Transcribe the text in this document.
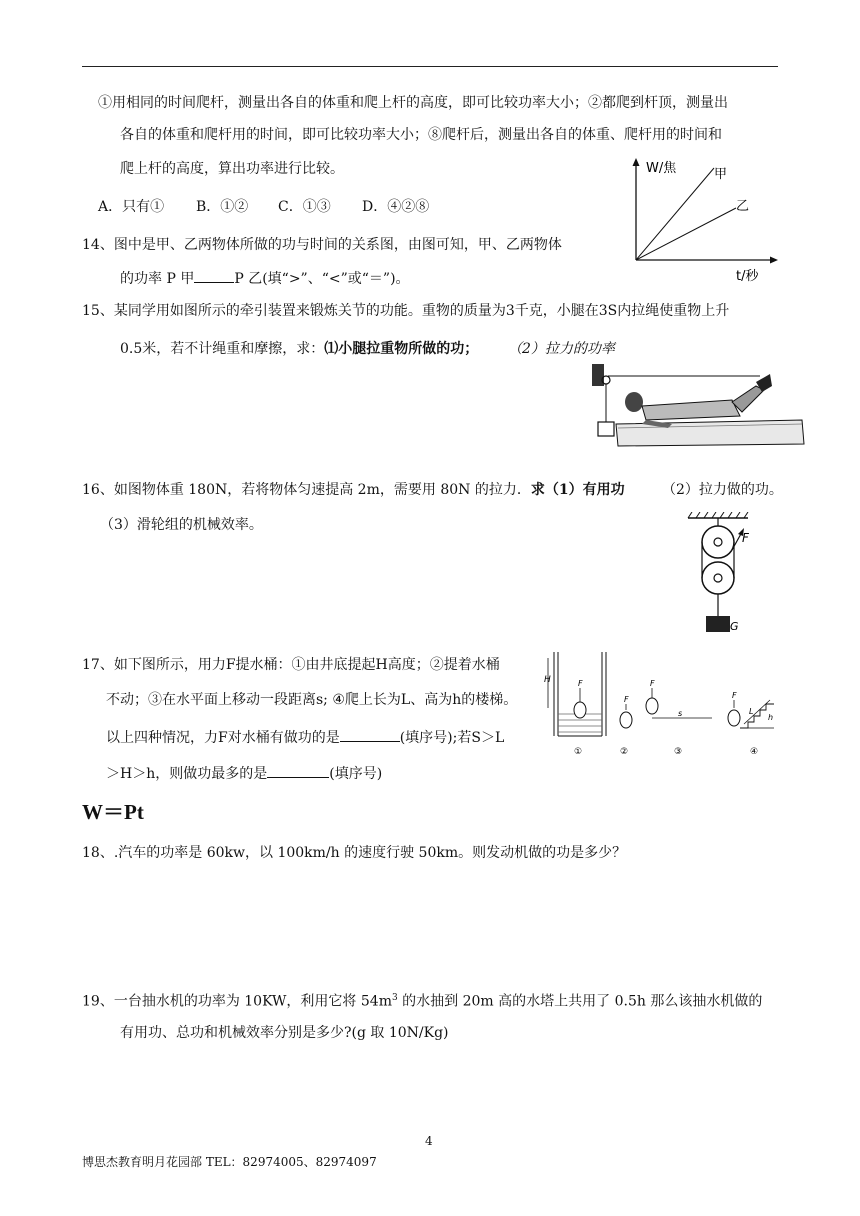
①用相同的时间爬杆，测量出各自的体重和爬上杆的高度，即可比较功率大小；②都爬到杆顶，测量出
各自的体重和爬杆用的时间，即可比较功率大小；⑧爬杆后，测量出各自的体重、爬杆用的时间和
爬上杆的高度，算出功率进行比较。
A．只有① B．①② C．①③ D．④②⑧
W/焦	甲
乙
t/秒
14、图中是甲、乙两物体所做的功与时间的关系图，由图可知，甲、乙两物体
的功率 P 甲	P 乙(填“>”、“<”或“＝”)。
15、某同学用如图所示的牵引装置来锻炼关节的功能。重物的质量为3千克，小腿在3S内拉绳使重物上升
0.5米，若不计绳重和摩擦，求：⑴小腿拉重物所做的功； （2）拉力的功率
16、如图物体重 180N，若将物体匀速提高 2m，需要用 80N 的拉力．求（1）有用功	（2）拉力做的功。
（3）滑轮组的机械效率。
F
G
17、如下图所示，用力F提水桶：①由井底提起H高度；②提着水桶
不动；③在水平面上移动一段距离s; ④爬上长为L、高为h的楼梯。
以上四种情况，力F对水桶有做功的是	(填序号);若S＞L
＞H＞h，则做功最多的是	(填序号)
H	F
F
F
s
F
L
h
①	②	③	④
W＝Pt
18、.汽车的功率是 60kw，以 100km/h 的速度行驶 50km。则发动机做的功是多少？
19、一台抽水机的功率为 10KW，利用它将 $54m^3$ 的水抽到 20m 高的水塔上共用了 0.5h 那么该抽水机做的
有用功、总功和机械效率分别是多少?(g 取 10N/Kg)
4
博思杰教育明月花园部 TEL：82974005、82974097
